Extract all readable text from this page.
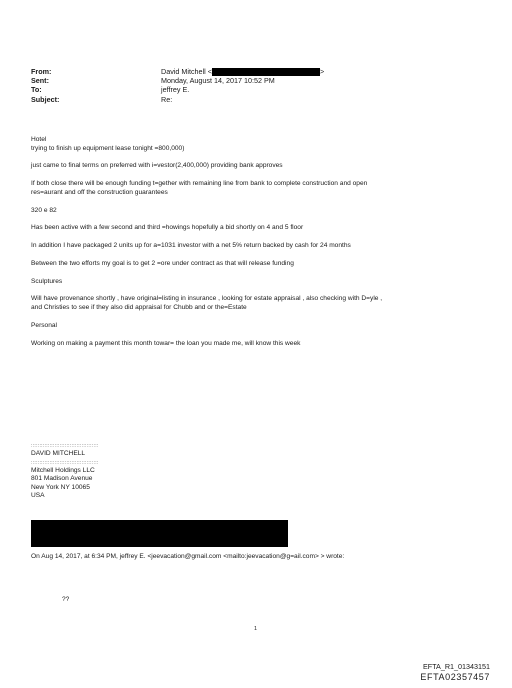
From:	David Mitchell <	>
Sent:	Monday, August 14, 2017 10:52 PM
To:	jeffrey E.
Subject:	Re:

Hotel

trying to finish up equipment lease tonight =800,000)

just came to final terms on preferred with i=vestor(2,400,000) providing bank approves

If both close there will be enough funding t=gether with remaining line from bank to complete construction and open

res=aurant and off the construction guarantees

320 e 82

Has been active with a few second and third =howings hopefully a bid shortly on 4 and 5 floor

In addition I have packaged 2 units up for a=1031 investor with a net 5% return backed by cash for 24 months

Between the two efforts my goal is to get 2 =ore under contract as that will release funding

Sculptures

Will have provenance shortly , have original=listing in insurance , looking for estate appraisal , also checking with D=yle ,

and Christies to see if they also did appraisal for Chubb and or the=Estate

Personal

Working on making a payment this month towar= the loan you made me, will know this week

::::::::::::::::::::::::::::::::::::::::
DAVID MITCHELL
::::::::::::::::::::::::::::::::::::::::
Mitchell Holdings LLC
801 Madison Avenue
New York NY 10065
USA
On Aug 14, 2017, at 6:34 PM, jeffrey E. <jeevacation@gmail.com <mailto:jeevacation@g=ail.com> > wrote:
??
1
EFTA_R1_01343151
EFTA02357457
